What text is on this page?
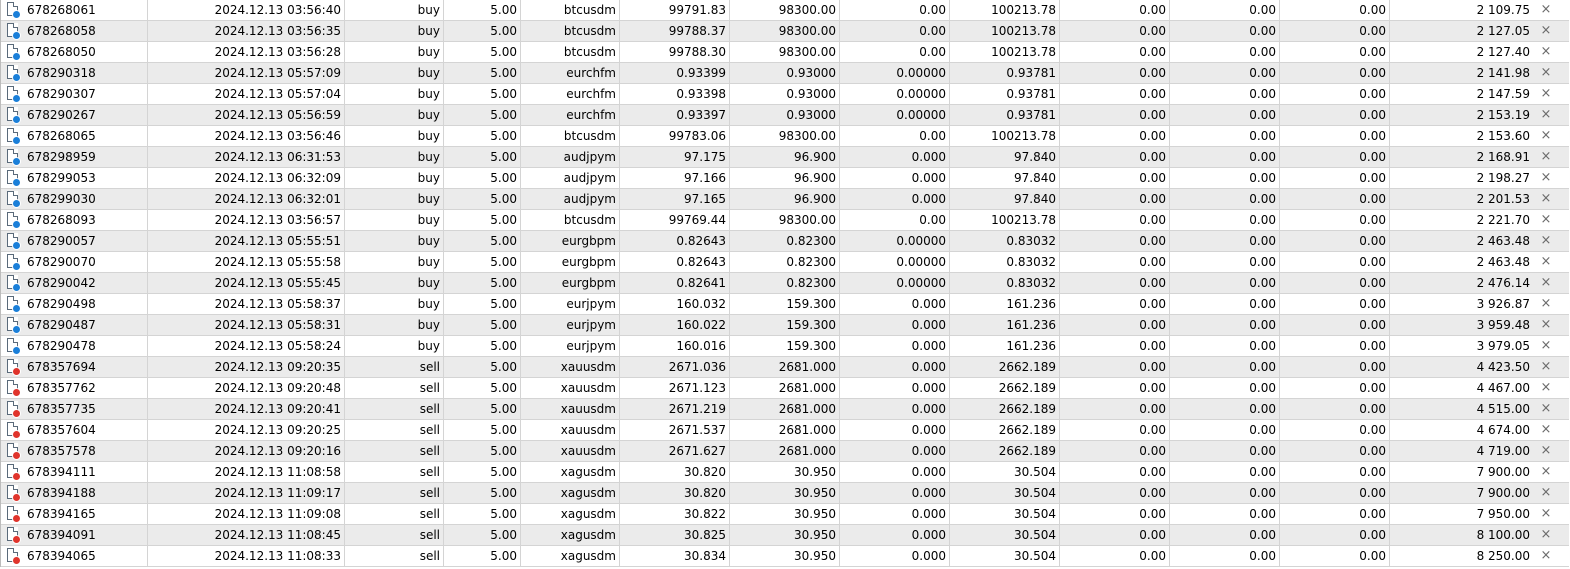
678268061	2024.12.13 03:56:40	buy	5.00	btcusdm	99791.83	98300.00	0.00	100213.78	0.00	0.00	0.00	2 109.75 ×
678268058	2024.12.13 03:56:35	buy	5.00	btcusdm	99788.37	98300.00	0.00	100213.78	0.00	0.00	0.00	2 127.05 ×
678268050	2024.12.13 03:56:28	buy	5.00	btcusdm	99788.30	98300.00	0.00	100213.78	0.00	0.00	0.00	2 127.40 ×
678290318	2024.12.13 05:57:09	buy	5.00	eurchfm	0.93399	0.93000	0.00000	0.93781	0.00	0.00	0.00	2 141.98 ×
678290307	2024.12.13 05:57:04	buy	5.00	eurchfm	0.93398	0.93000	0.00000	0.93781	0.00	0.00	0.00	2 147.59 ×
678290267	2024.12.13 05:56:59	buy	5.00	eurchfm	0.93397	0.93000	0.00000	0.93781	0.00	0.00	0.00	2 153.19 ×
678268065	2024.12.13 03:56:46	buy	5.00	btcusdm	99783.06	98300.00	0.00	100213.78	0.00	0.00	0.00	2 153.60 ×
678298959	2024.12.13 06:31:53	buy	5.00	audjpym	97.175	96.900	0.000	97.840	0.00	0.00	0.00	2 168.91 ×
678299053	2024.12.13 06:32:09	buy	5.00	audjpym	97.166	96.900	0.000	97.840	0.00	0.00	0.00	2 198.27 ×
678299030	2024.12.13 06:32:01	buy	5.00	audjpym	97.165	96.900	0.000	97.840	0.00	0.00	0.00	2 201.53 ×
678268093	2024.12.13 03:56:57	buy	5.00	btcusdm	99769.44	98300.00	0.00	100213.78	0.00	0.00	0.00	2 221.70 ×
678290057	2024.12.13 05:55:51	buy	5.00	eurgbpm	0.82643	0.82300	0.00000	0.83032	0.00	0.00	0.00	2 463.48 ×
678290070	2024.12.13 05:55:58	buy	5.00	eurgbpm	0.82643	0.82300	0.00000	0.83032	0.00	0.00	0.00	2 463.48 ×
678290042	2024.12.13 05:55:45	buy	5.00	eurgbpm	0.82641	0.82300	0.00000	0.83032	0.00	0.00	0.00	2 476.14 ×
678290498	2024.12.13 05:58:37	buy	5.00	eurjpym	160.032	159.300	0.000	161.236	0.00	0.00	0.00	3 926.87 ×
678290487	2024.12.13 05:58:31	buy	5.00	eurjpym	160.022	159.300	0.000	161.236	0.00	0.00	0.00	3 959.48 ×
678290478	2024.12.13 05:58:24	buy	5.00	eurjpym	160.016	159.300	0.000	161.236	0.00	0.00	0.00	3 979.05 ×
678357694	2024.12.13 09:20:35	sell	5.00	xauusdm	2671.036	2681.000	0.000	2662.189	0.00	0.00	0.00	4 423.50 ×
678357762	2024.12.13 09:20:48	sell	5.00	xauusdm	2671.123	2681.000	0.000	2662.189	0.00	0.00	0.00	4 467.00 ×
678357735	2024.12.13 09:20:41	sell	5.00	xauusdm	2671.219	2681.000	0.000	2662.189	0.00	0.00	0.00	4 515.00 ×
678357604	2024.12.13 09:20:25	sell	5.00	xauusdm	2671.537	2681.000	0.000	2662.189	0.00	0.00	0.00	4 674.00 ×
678357578	2024.12.13 09:20:16	sell	5.00	xauusdm	2671.627	2681.000	0.000	2662.189	0.00	0.00	0.00	4 719.00 ×
678394111	2024.12.13 11:08:58	sell	5.00	xagusdm	30.820	30.950	0.000	30.504	0.00	0.00	0.00	7 900.00 ×
678394188	2024.12.13 11:09:17	sell	5.00	xagusdm	30.820	30.950	0.000	30.504	0.00	0.00	0.00	7 900.00 ×
678394165	2024.12.13 11:09:08	sell	5.00	xagusdm	30.822	30.950	0.000	30.504	0.00	0.00	0.00	7 950.00 ×
678394091	2024.12.13 11:08:45	sell	5.00	xagusdm	30.825	30.950	0.000	30.504	0.00	0.00	0.00	8 100.00 ×
678394065	2024.12.13 11:08:33	sell	5.00	xagusdm	30.834	30.950	0.000	30.504	0.00	0.00	0.00	8 250.00 ×
